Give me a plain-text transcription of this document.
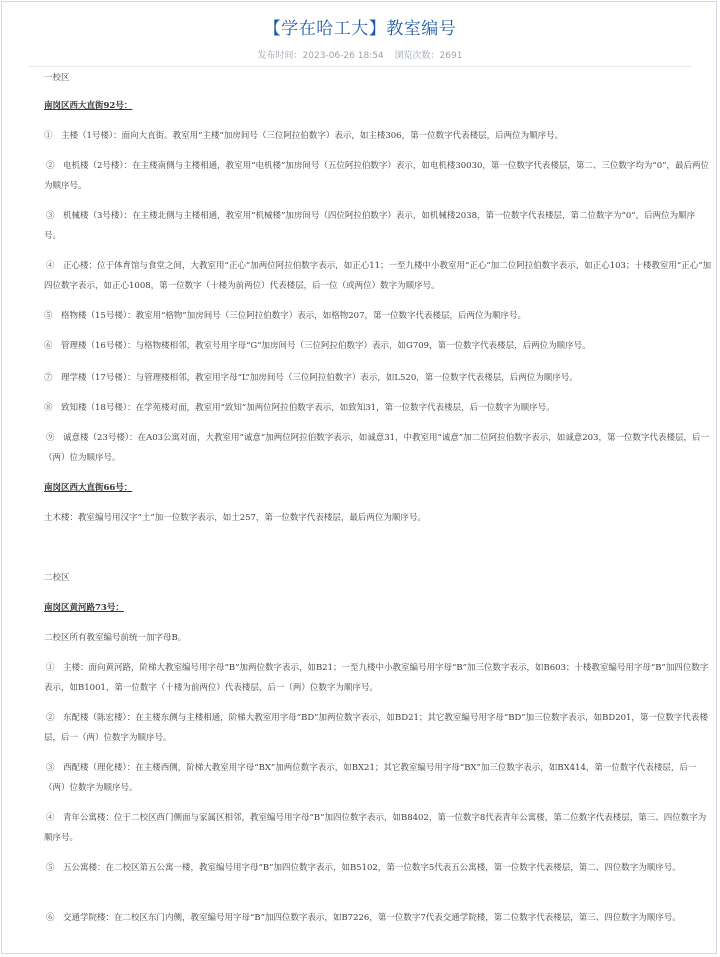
【学在哈工大】教室编号
发布时间：2023-06-26 18:54 浏览次数：2691
一校区
南岗区西大直街92号：
①　主楼（1号楼）：面向大直街。教室用“主楼”加房间号（三位阿拉伯数字）表示，如主楼306，第一位数字代表楼层，后两位为顺序号。
②　电机楼（2号楼）：在主楼南侧与主楼相通，教室用“电机楼”加房间号（五位阿拉伯数字）表示，如电机楼30030，第一位数字代表楼层，第二、三位数字均为“0”，最后两位为顺序号。
③　机械楼（3号楼）：在主楼北侧与主楼相通，教室用“机械楼”加房间号（四位阿拉伯数字）表示，如机械楼2038，第一位数字代表楼层，第二位数字为“0”，后两位为顺序号。
④　正心楼：位于体育馆与食堂之间，大教室用“正心”加两位阿拉伯数字表示，如正心11；一至九楼中小教室用“正心”加二位阿拉伯数字表示，如正心103；十楼教室用“正心”加四位数字表示，如正心1008，第一位数字（十楼为前两位）代表楼层，后一位（或两位）数字为顺序号。
⑤　格物楼（15号楼）：教室用“格物”加房间号（三位阿拉伯数字）表示，如格物207，第一位数字代表楼层，后两位为顺序号。
⑥　管理楼（16号楼）：与格物楼相邻，教室号用字母“G”加房间号（三位阿拉伯数字）表示，如G709，第一位数字代表楼层，后两位为顺序号。
⑦　理学楼（17号楼）：与管理楼相邻，教室用字母“L”加房间号（三位阿拉伯数字）表示，如L520，第一位数字代表楼层，后两位为顺序号。
⑧　致知楼（18号楼）：在学苑楼对面，教室用“致知”加两位阿拉伯数字表示，如致知31，第一位数字代表楼层，后一位数字为顺序号。
⑨　诚意楼（23号楼）：在A03公寓对面，大教室用“诚意”加两位阿拉伯数字表示，如诚意31，中教室用“诚意”加二位阿拉伯数字表示，如诚意203，第一位数字代表楼层，后一（两）位为顺序号。
南岗区西大直街66号：
土木楼：教室编号用汉字“土”加一位数字表示，如土257，第一位数字代表楼层，最后两位为顺序号。
二校区
南岗区黄河路73号：
二校区所有教室编号前统一加字母B。
①　主楼：面向黄河路，阶梯大教室编号用字母“B”加两位数字表示，如B21；一至九楼中小教室编号用字母“B”加三位数字表示，如B603；十楼教室编号用字母“B”加四位数字表示，如B1001，第一位数字（十楼为前两位）代表楼层，后一（两）位数字为顺序号。
②　东配楼（陈宏楼）：在主楼东侧与主楼相通，阶梯大教室用字母“BD”加两位数字表示，如BD21；其它教室编号用字母“BD”加三位数字表示，如BD201，第一位数字代表楼层，后一（两）位数字为顺序号。
③　西配楼（理化楼）：在主楼西侧，阶梯大教室用字母“BX”加两位数字表示，如BX21；其它教室编号用字母“BX”加三位数字表示，如BX414，第一位数字代表楼层，后一（两）位数字为顺序号。
④　青年公寓楼：位于二校区西门侧面与家属区相邻，教室编号用字母“B”加四位数字表示，如B8402，第一位数字8代表青年公寓楼，第二位数字代表楼层，第三、四位数字为顺序号。
⑤　五公寓楼：在二校区第五公寓一楼，教室编号用字母“B”加四位数字表示，如B5102，第一位数字5代表五公寓楼，第一位数字代表楼层，第二、四位数字为顺序号。
⑥　交通学院楼：在二校区东门内侧，教室编号用字母“B”加四位数字表示，如B7226，第一位数字7代表交通学院楼，第二位数字代表楼层，第三、四位数字为顺序号。
